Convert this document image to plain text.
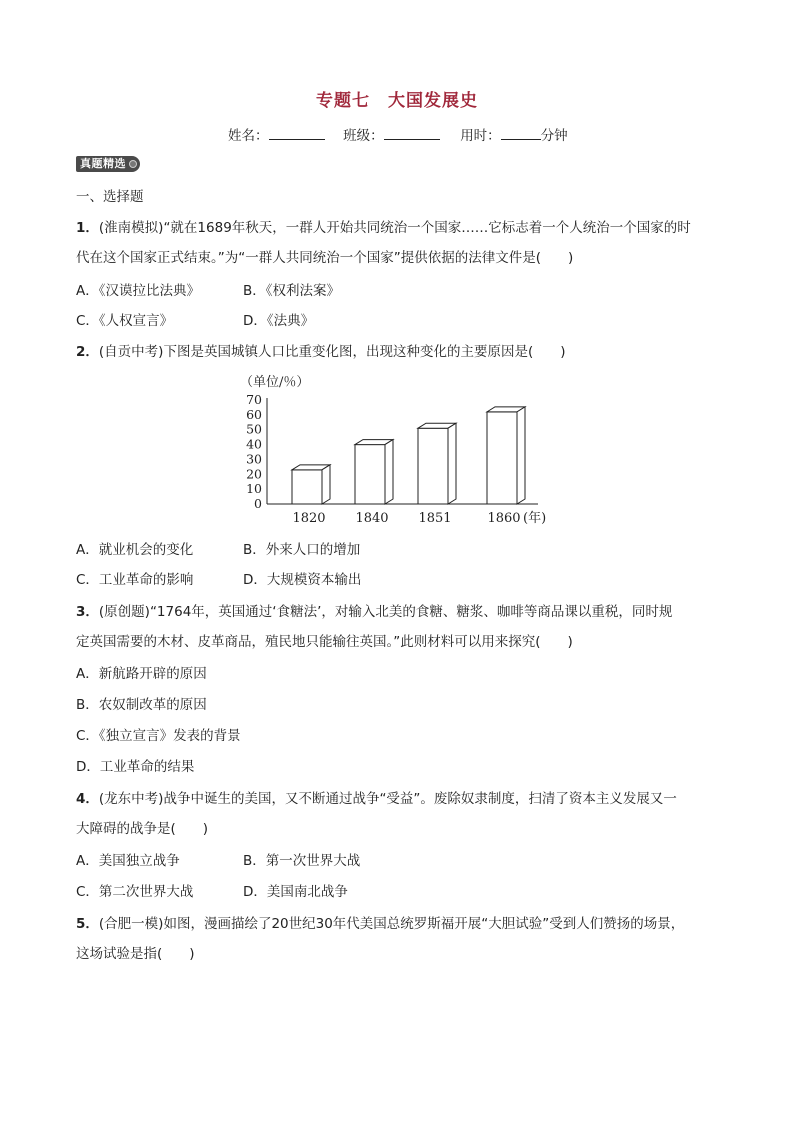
专题七 大国发展史
姓名：	班级：	用时：	分钟
真题精选
一、选择题
1．(淮南模拟)“就在1689年秋天，一群人开始共同统治一个国家……它标志着一个人统治一个国家的时
代在这个国家正式结束。”为“一群人共同统治一个国家”提供依据的法律文件是(　　)
A．《汉谟拉比法典》	B．《权利法案》
C．《人权宣言》	D．《法典》
2．(自贡中考)下图是英国城镇人口比重变化图，出现这种变化的主要原因是(　　)
（单位/％）
0
10
20
30
40
50
60
70
1820 1840 1851	1860 (年)
A．就业机会的变化	B．外来人口的增加
C．工业革命的影响	D．大规模资本输出
3．(原创题)“1764年，英国通过‘食糖法’，对输入北美的食糖、糖浆、咖啡等商品课以重税，同时规
定英国需要的木材、皮革商品，殖民地只能输往英国。”此则材料可以用来探究(　　)
A．新航路开辟的原因
B．农奴制改革的原因
C．《独立宣言》发表的背景
D．工业革命的结果
4．(龙东中考)战争中诞生的美国，又不断通过战争“受益”。废除奴隶制度，扫清了资本主义发展又一
大障碍的战争是(　　)
A．美国独立战争	B．第一次世界大战
C．第二次世界大战	D．美国南北战争
5．(合肥一模)如图，漫画描绘了20世纪30年代美国总统罗斯福开展“大胆试验”受到人们赞扬的场景，
这场试验是指(　　)
